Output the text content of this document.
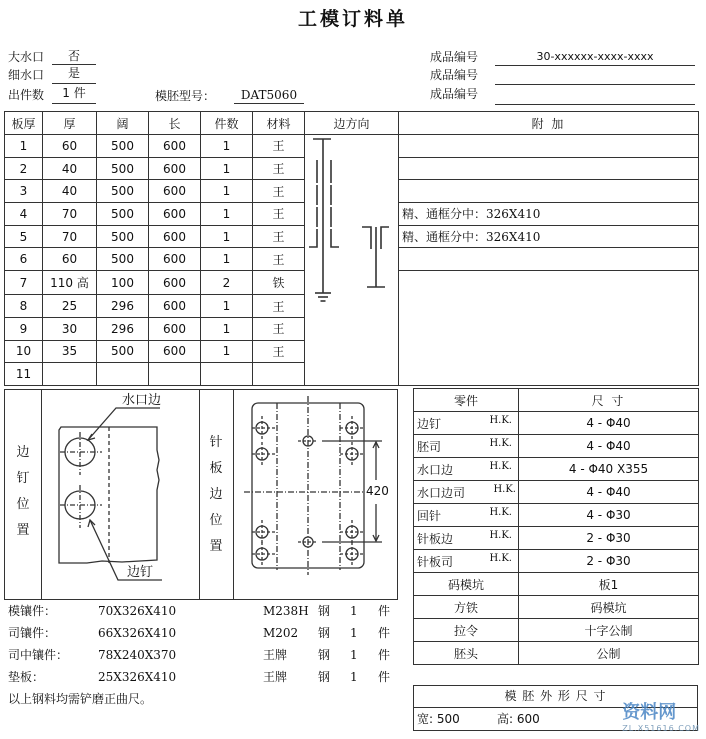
工模订料单
大水口	否
细水口	是
出件数	1 件	模胚型号：	DAT5060
成品编号	30-xxxxxx-xxxx-xxxx
成品编号
成品编号
板厚	厚	阔	长	件数	材料	边方向	附 加
1	60	500	600	1	王	

2	40	500	600	1	王		
3	40	500	600	1	王		
4	70	500	600	1	王		精、通框分中：326X410
5	70	500	600	1	王		精、通框分中：326X410
6	60	500	600	1	王		
7	110 高	100	600	2	铁		
8	25	296	600	1	王		
9	30	296	600	1	王		
10	35	500	600	1	王		
11							
边
钉
位
置
水口边
边钉
针
板
边
位
置
420
零件	尺 寸
边钉 H.K.	4 - Φ40
胚司 H.K.	4 - Φ40
水口边 H.K.	4 - Φ40 X355
水口边司 H.K.	4 - Φ40
回针 H.K.	4 - Φ30
针板边 H.K.	2 - Φ30
针板司 H.K.	2 - Φ30
码模坑	板1
方铁	码模坑
拉令	十字公制
胚头	公制
模镶件：	70X326X410	M238H 钢 1 件
司镶件：	66X326X410	M202 钢 1 件
司中镶件： 78X240X370	王牌	钢 1 件
垫板：	25X326X410	王牌	钢 1 件
以上钢料均需铲磨正曲尺。	模 胚 外 形 尺 寸
宽: 500	高: 600	资料网
ZL.X51616.COM
